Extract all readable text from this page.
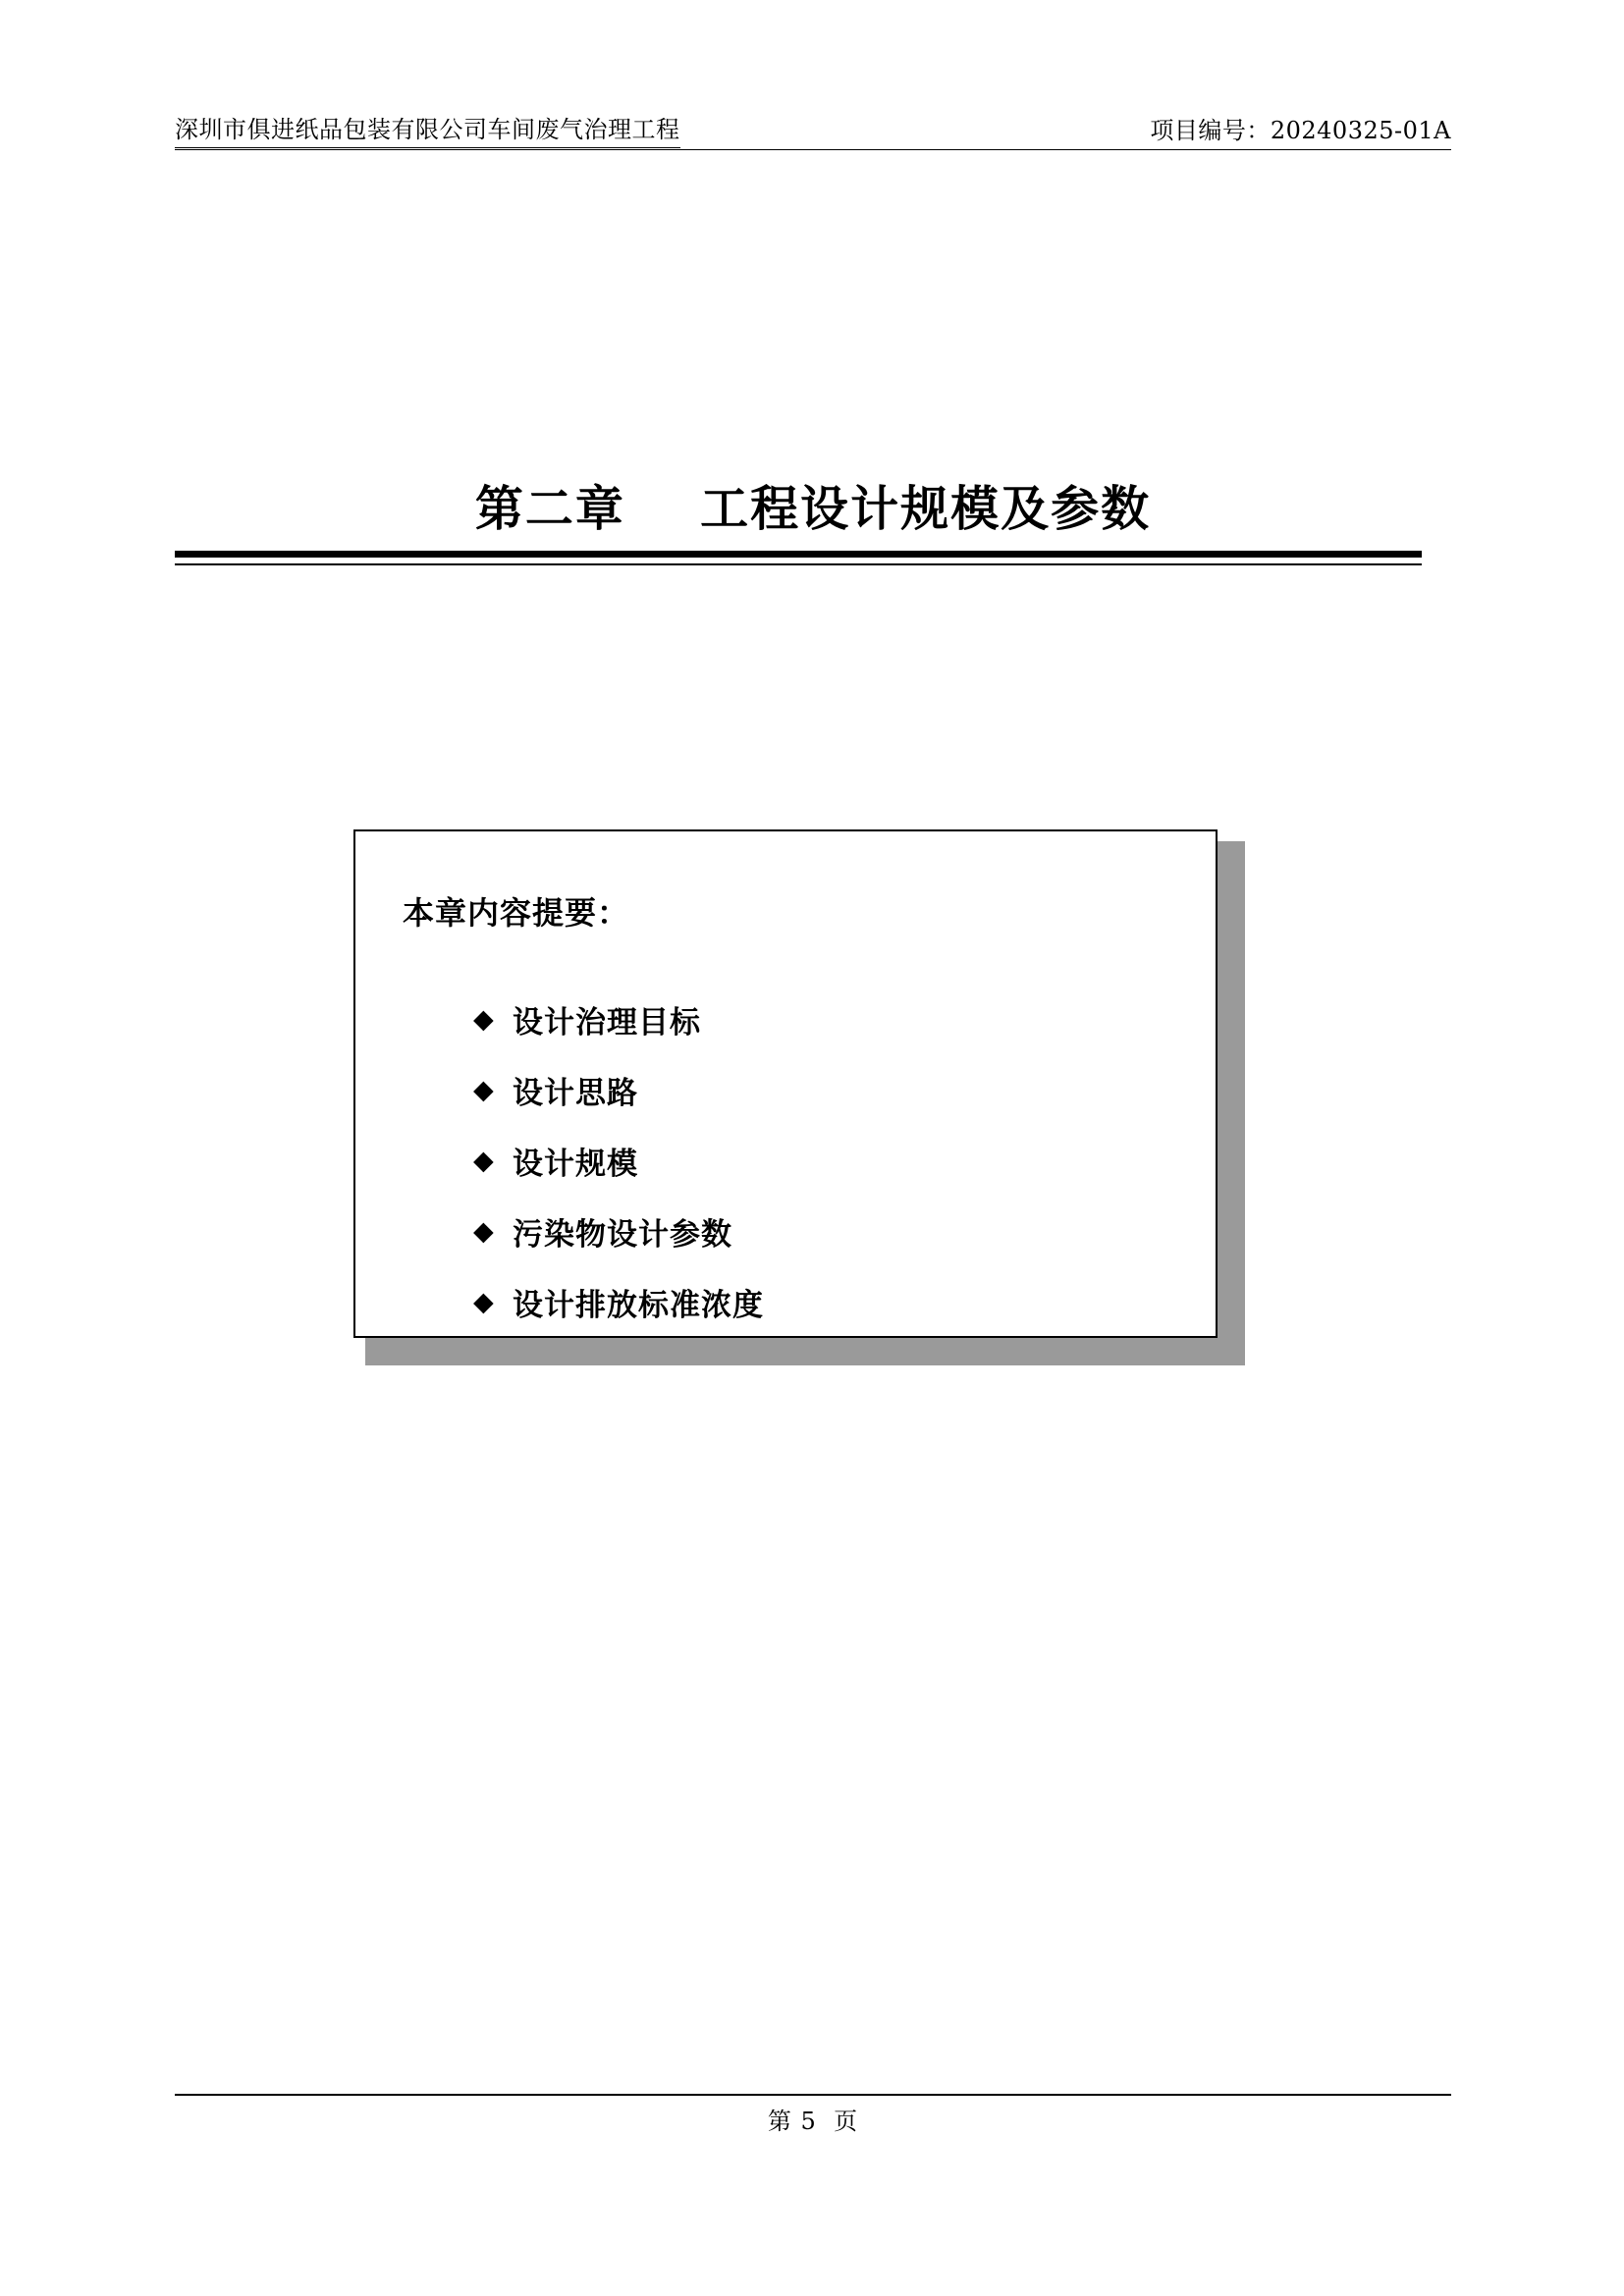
深圳市俱进纸品包装有限公司车间废气治理工程	项目编号：20240325-01A
第二章    工程设计规模及参数
本章内容提要：
◆ 设计治理目标
◆ 设计思路
◆ 设计规模
◆ 污染物设计参数
◆ 设计排放标准浓度
第 5  页
